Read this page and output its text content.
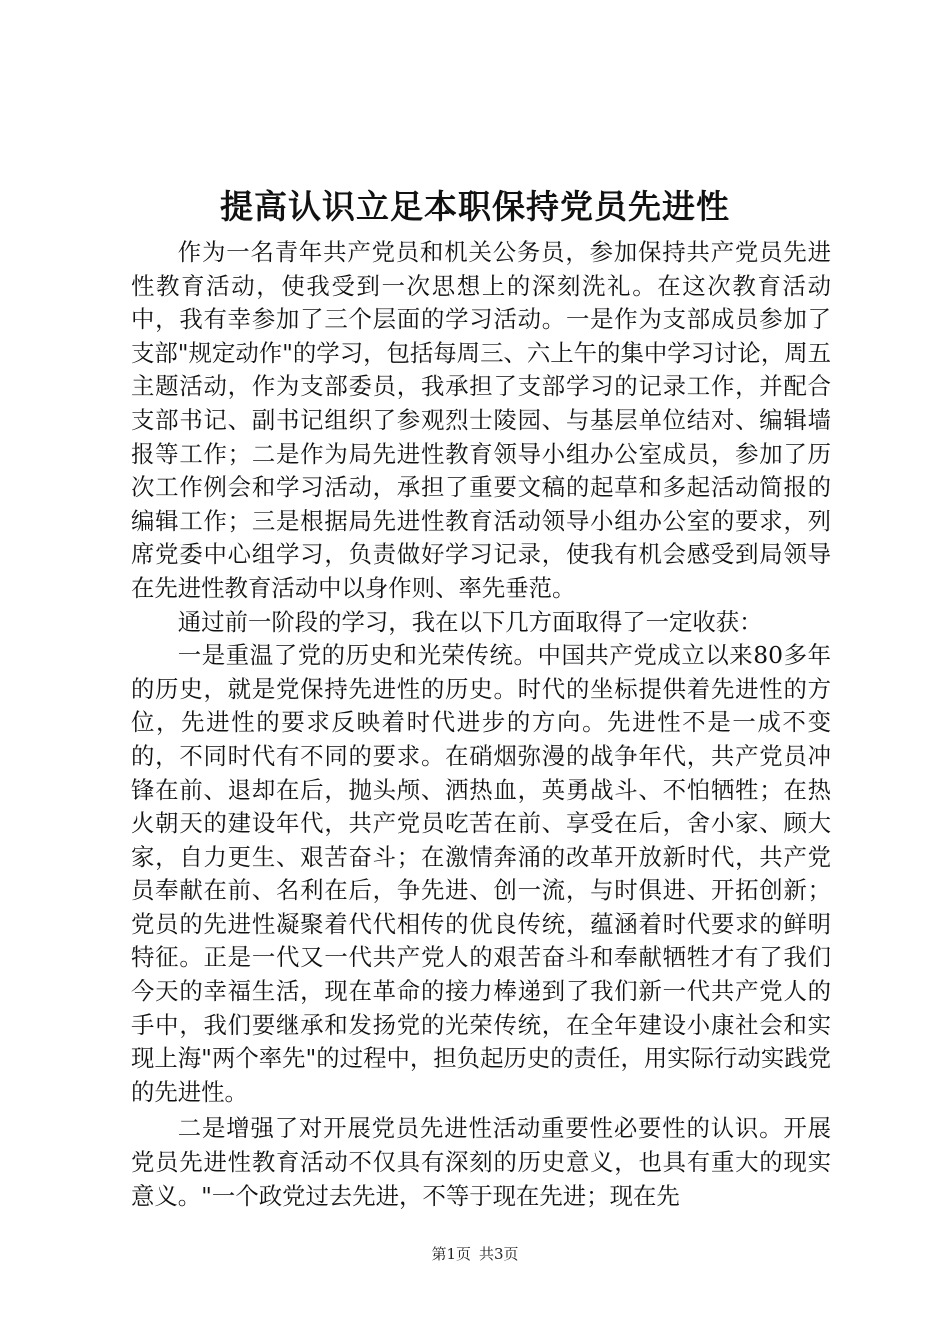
提高认识立足本职保持党员先进性

作为一名青年共产党员和机关公务员，参加保持共产党员先进性教育活动，使我受到一次思想上的深刻洗礼。在这次教育活动中，我有幸参加了三个层面的学习活动。一是作为支部成员参加了支部"规定动作"的学习，包括每周三、六上午的集中学习讨论，周五主题活动，作为支部委员，我承担了支部学习的记录工作，并配合支部书记、副书记组织了参观烈士陵园、与基层单位结对、编辑墙报等工作；二是作为局先进性教育领导小组办公室成员，参加了历次工作例会和学习活动，承担了重要文稿的起草和多起活动简报的编辑工作；三是根据局先进性教育活动领导小组办公室的要求，列席党委中心组学习，负责做好学习记录，使我有机会感受到局领导在先进性教育活动中以身作则、率先垂范。

通过前一阶段的学习，我在以下几方面取得了一定收获：

一是重温了党的历史和光荣传统。中国共产党成立以来80多年的历史，就是党保持先进性的历史。时代的坐标提供着先进性的方位，先进性的要求反映着时代进步的方向。先进性不是一成不变的，不同时代有不同的要求。在硝烟弥漫的战争年代，共产党员冲锋在前、退却在后，抛头颅、洒热血，英勇战斗、不怕牺牲；在热火朝天的建设年代，共产党员吃苦在前、享受在后，舍小家、顾大家，自力更生、艰苦奋斗；在激情奔涌的改革开放新时代，共产党员奉献在前、名利在后，争先进、创一流，与时俱进、开拓创新；党员的先进性凝聚着代代相传的优良传统，蕴涵着时代要求的鲜明特征。正是一代又一代共产党人的艰苦奋斗和奉献牺牲才有了我们今天的幸福生活，现在革命的接力棒递到了我们新一代共产党人的手中，我们要继承和发扬党的光荣传统，在全年建设小康社会和实现上海"两个率先"的过程中，担负起历史的责任，用实际行动实践党的先进性。

二是增强了对开展党员先进性活动重要性必要性的认识。开展党员先进性教育活动不仅具有深刻的历史意义，也具有重大的现实意义。"一个政党过去先进，不等于现在先进；现在先

第1页 共3页
